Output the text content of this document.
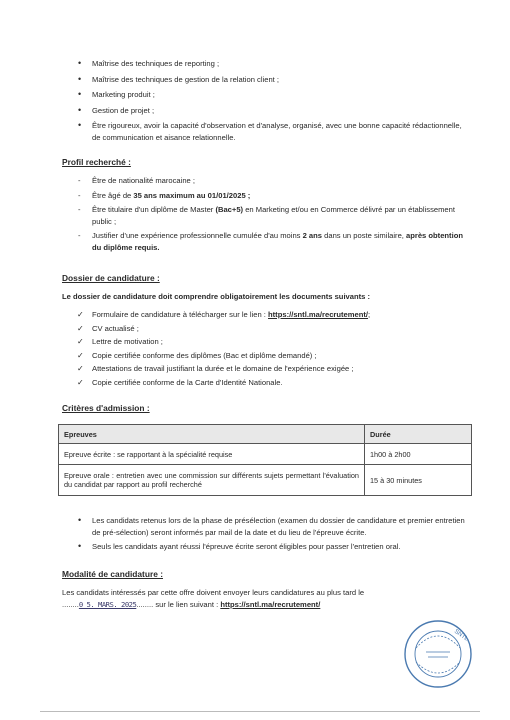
• Maîtrise des techniques de reporting ;
• Maîtrise des techniques de gestion de la relation client ;
• Marketing produit ;
• Gestion de projet ;
• Être rigoureux, avoir la capacité d'observation et d'analyse, organisé, avec une bonne capacité rédactionnelle, de communication et aisance relationnelle.
Profil recherché :
- Être de nationalité marocaine ;
- Être âgé de 35 ans maximum au 01/01/2025 ;
- Être titulaire d'un diplôme de Master (Bac+5) en Marketing et/ou en Commerce délivré par un établissement public ;
- Justifier d'une expérience professionnelle cumulée d'au moins 2 ans dans un poste similaire, après obtention du diplôme requis.
Dossier de candidature :
Le dossier de candidature doit comprendre obligatoirement les documents suivants :
✓ Formulaire de candidature à télécharger sur le lien : https://sntl.ma/recrutement/;
✓ CV actualisé ;
✓ Lettre de motivation ;
✓ Copie certifiée conforme des diplômes (Bac et diplôme demandé) ;
✓ Attestations de travail justifiant la durée et le domaine de l'expérience exigée ;
✓ Copie certifiée conforme de la Carte d'Identité Nationale.
Critères d'admission :
Epreuves	Durée
Epreuve écrite : se rapportant à la spécialité requise	1h00 à 2h00
Epreuve orale : entretien avec une commission sur différents sujets permettant l'évaluation du candidat par rapport au profil recherché	15 à 30 minutes
• Les candidats retenus lors de la phase de présélection (examen du dossier de candidature et premier entretien de pré-sélection) seront informés par mail de la date et du lieu de l'épreuve écrite.
• Seuls les candidats ayant réussi l'épreuve écrite seront éligibles pour passer l'entretien oral.
Modalité de candidature :
Les candidats intéressés par cette offre doivent envoyer leurs candidatures au plus tard le
........0 5. MARS. 2025........ sur le lien suivant : https://sntl.ma/recrutement/
SNTL
